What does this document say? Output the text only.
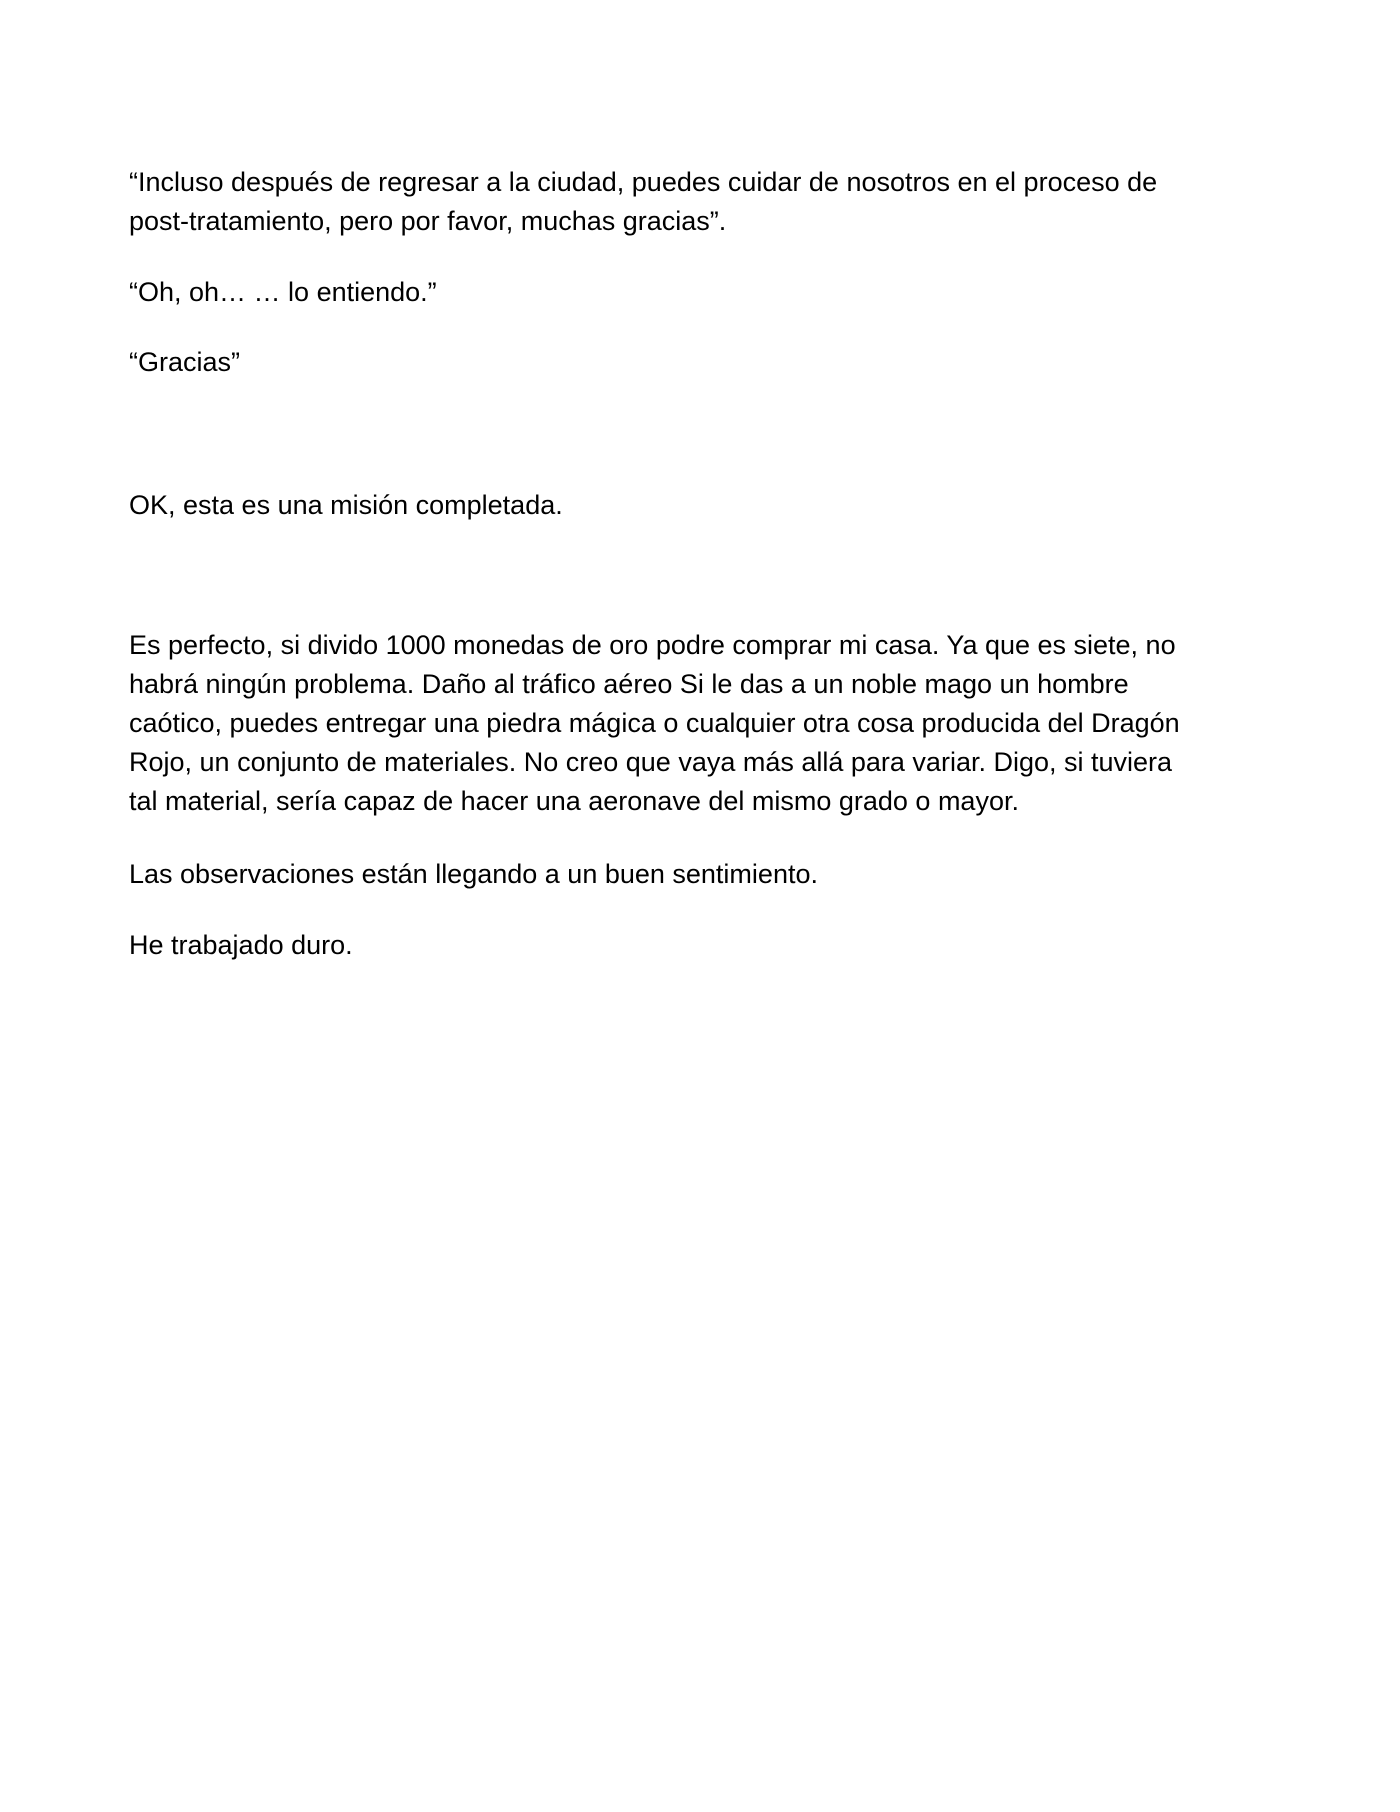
“Incluso después de regresar a la ciudad, puedes cuidar de nosotros en el proceso de
post-tratamiento, pero por favor, muchas gracias”.

“Oh, oh… … lo entiendo.”

“Gracias”

OK, esta es una misión completada.

Es perfecto, si divido 1000 monedas de oro podre comprar mi casa. Ya que es siete, no
habrá ningún problema. Daño al tráfico aéreo Si le das a un noble mago un hombre
caótico, puedes entregar una piedra mágica o cualquier otra cosa producida del Dragón
Rojo, un conjunto de materiales. No creo que vaya más allá para variar. Digo, si tuviera
tal material, sería capaz de hacer una aeronave del mismo grado o mayor.

Las observaciones están llegando a un buen sentimiento.

He trabajado duro.
